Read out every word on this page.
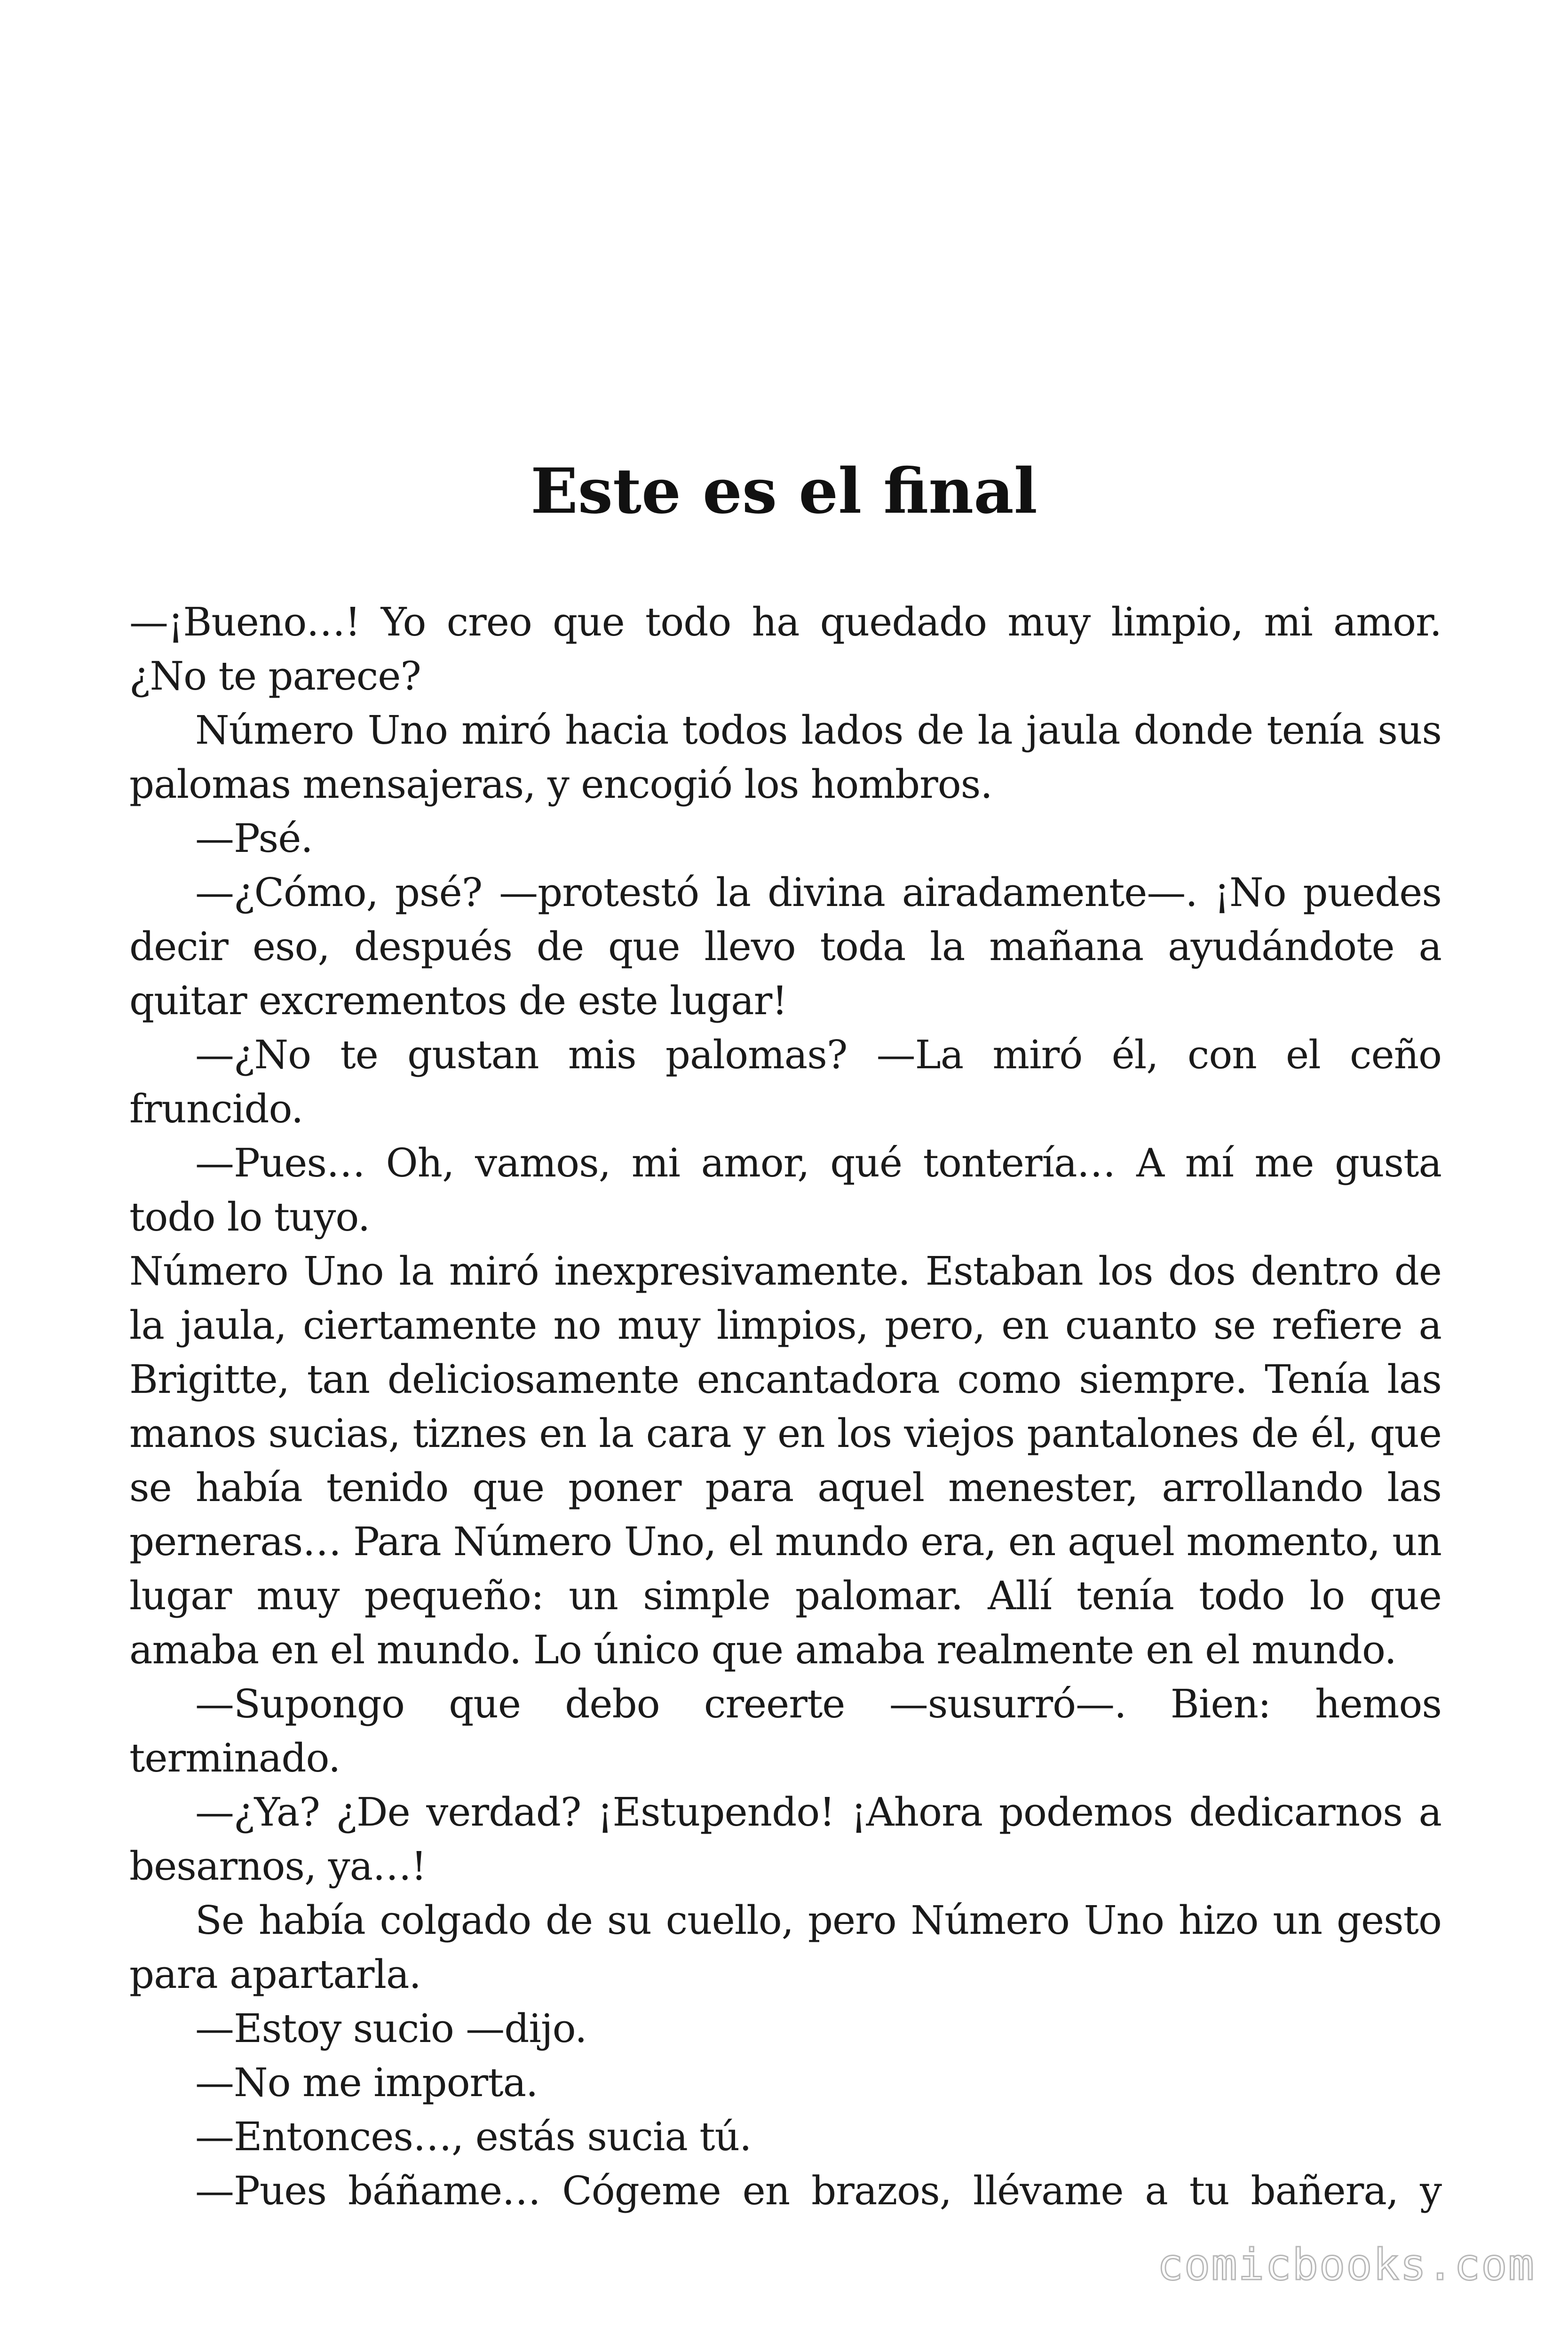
Este es el final

—¡Bueno…! Yo creo que todo ha quedado muy limpio, mi amor. ¿No te parece?

Número Uno miró hacia todos lados de la jaula donde tenía sus palomas mensajeras, y encogió los hombros.

—Psé.

—¿Cómo, psé? —protestó la divina airadamente—. ¡No puedes decir eso, después de que llevo toda la mañana ayudándote a quitar excrementos de este lugar!

—¿No te gustan mis palomas? —La miró él, con el ceño fruncido.

—Pues… Oh, vamos, mi amor, qué tontería… A mí me gusta todo lo tuyo.

Número Uno la miró inexpresivamente. Estaban los dos dentro de la jaula, ciertamente no muy limpios, pero, en cuanto se refiere a Brigitte, tan deliciosamente encantadora como siempre. Tenía las manos sucias, tiznes en la cara y en los viejos pantalones de él, que se había tenido que poner para aquel menester, arrollando las perneras… Para Número Uno, el mundo era, en aquel momento, un lugar muy pequeño: un simple palomar. Allí tenía todo lo que amaba en el mundo. Lo único que amaba realmente en el mundo.

—Supongo que debo creerte —susurró—. Bien: hemos terminado.

—¿Ya? ¿De verdad? ¡Estupendo! ¡Ahora podemos dedicarnos a besarnos, ya…!

Se había colgado de su cuello, pero Número Uno hizo un gesto para apartarla.

—Estoy sucio —dijo.

—No me importa.

—Entonces…, estás sucia tú.

—Pues báñame… Cógeme en brazos, llévame a tu bañera, y

comicbooks.com
